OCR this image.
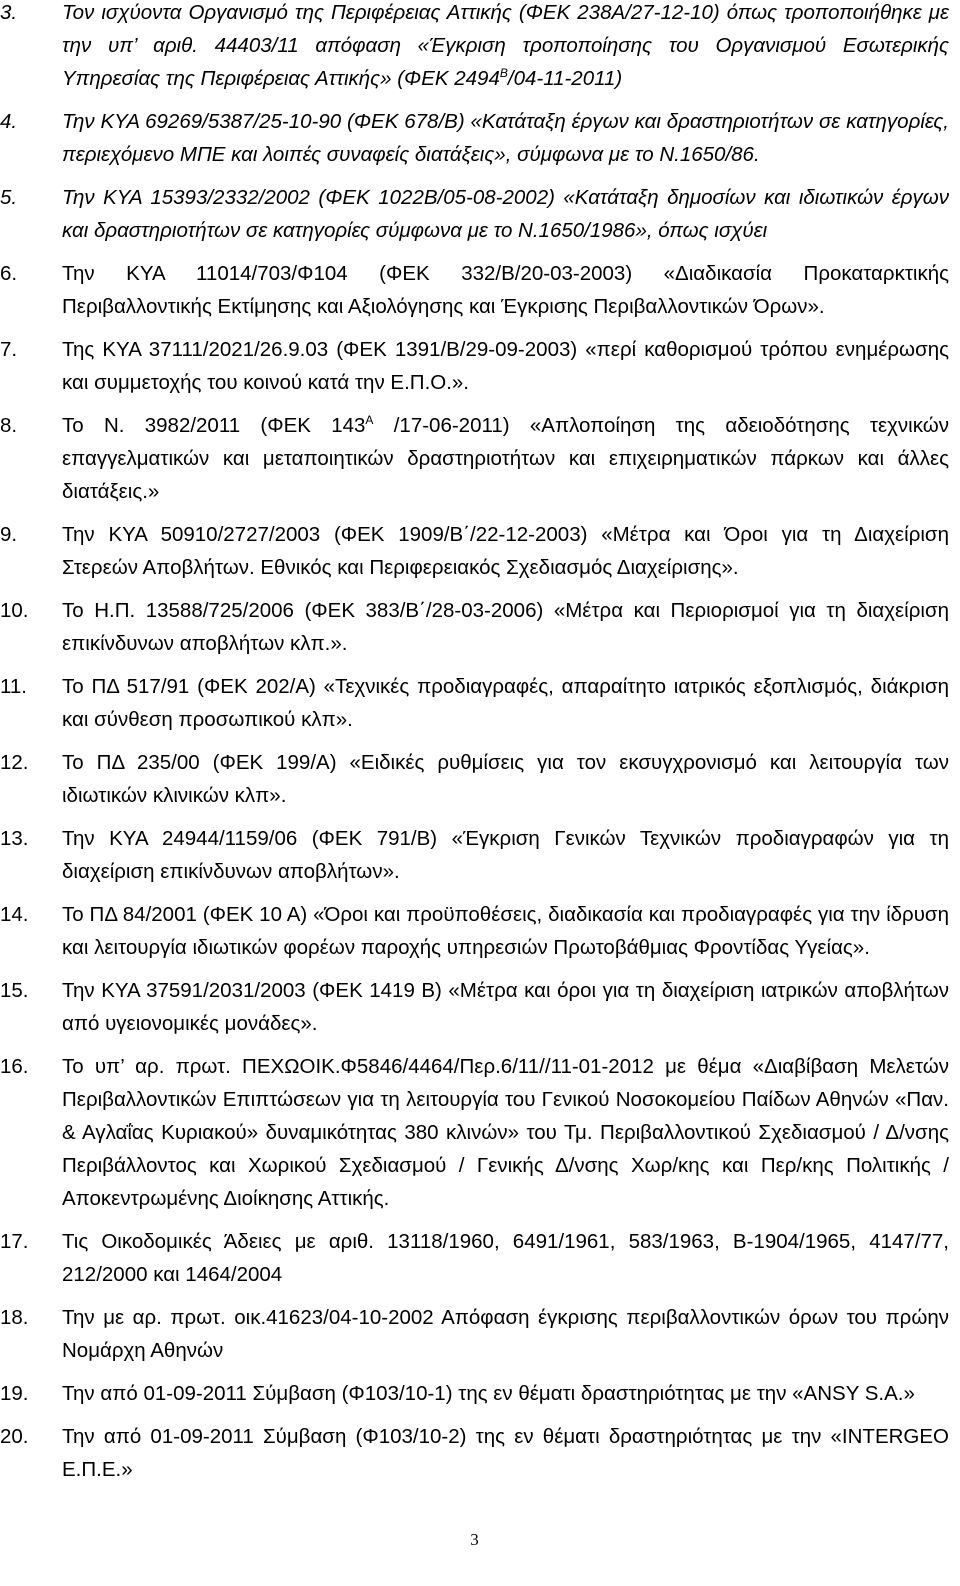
3. Τον ισχύοντα Οργανισμό της Περιφέρειας Αττικής (ΦΕΚ 238Α/27-12-10) όπως τροποποιήθηκε με την υπ’ αριθ. 44403/11 απόφαση «Έγκριση τροποποίησης του Οργανισμού Εσωτερικής Υπηρεσίας της Περιφέρειας Αττικής» (ΦΕΚ $2494^B/04-11-2011$)
4. Την ΚΥΑ 69269/5387/25-10-90 (ΦΕΚ 678/Β) «Κατάταξη έργων και δραστηριοτήτων σε κατηγορίες, περιεχόμενο ΜΠΕ και λοιπές συναφείς διατάξεις», σύμφωνα με το Ν.1650/86.
5. Την ΚΥΑ 15393/2332/2002 (ΦΕΚ 1022Β/05-08-2002) «Κατάταξη δημοσίων και ιδιωτικών έργων και δραστηριοτήτων σε κατηγορίες σύμφωνα με το Ν.1650/1986», όπως ισχύει
6. Την ΚΥΑ 11014/703/Φ104 (ΦΕΚ 332/Β/20-03-2003) «Διαδικασία Προκαταρκτικής Περιβαλλοντικής Εκτίμησης και Αξιολόγησης και Έγκρισης Περιβαλλοντικών Όρων».
7. Της ΚΥΑ 37111/2021/26.9.03 (ΦΕΚ 1391/Β/29-09-2003) «περί καθορισμού τρόπου ενημέρωσης και συμμετοχής του κοινού κατά την Ε.Π.Ο.».
8. Το Ν. 3982/2011 (ΦΕΚ $143^A$ /17-06-2011) «Απλοποίηση της αδειοδότησης τεχνικών επαγγελματικών και μεταποιητικών δραστηριοτήτων και επιχειρηματικών πάρκων και άλλες διατάξεις.»
9. Την ΚΥΑ 50910/2727/2003 (ΦΕΚ 1909/Β΄/22-12-2003) «Μέτρα και Όροι για τη Διαχείριση Στερεών Αποβλήτων. Εθνικός και Περιφερειακός Σχεδιασμός Διαχείρισης».
10. Το Η.Π. 13588/725/2006 (ΦΕΚ 383/Β΄/28-03-2006) «Μέτρα και Περιορισμοί για τη διαχείριση επικίνδυνων αποβλήτων κλπ.».
11. Το ΠΔ 517/91 (ΦΕΚ 202/Α) «Τεχνικές προδιαγραφές, απαραίτητο ιατρικός εξοπλισμός, διάκριση και σύνθεση προσωπικού κλπ».
12. Το ΠΔ 235/00 (ΦΕΚ 199/Α) «Ειδικές ρυθμίσεις για τον εκσυγχρονισμό και λειτουργία των ιδιωτικών κλινικών κλπ».
13. Την ΚΥΑ 24944/1159/06 (ΦΕΚ 791/Β) «Έγκριση Γενικών Τεχνικών προδιαγραφών για τη διαχείριση επικίνδυνων αποβλήτων».
14. Το ΠΔ 84/2001 (ΦΕΚ 10 Α) «Όροι και προϋποθέσεις, διαδικασία και προδιαγραφές για την ίδρυση και λειτουργία ιδιωτικών φορέων παροχής υπηρεσιών Πρωτοβάθμιας Φροντίδας Υγείας».
15. Την ΚΥΑ 37591/2031/2003 (ΦΕΚ 1419 Β) «Μέτρα και όροι για τη διαχείριση ιατρικών αποβλήτων από υγειονομικές μονάδες».
16. Το υπ’ αρ. πρωτ. ΠΕΧΩΟΙΚ.Φ5846/4464/Περ.6/11//11-01-2012 με θέμα «Διαβίβαση Μελετών Περιβαλλοντικών Επιπτώσεων για τη λειτουργία του Γενικού Νοσοκομείου Παίδων Αθηνών «Παν. & Αγλαΐας Κυριακού» δυναμικότητας 380 κλινών» του Τμ. Περιβαλλοντικού Σχεδιασμού / Δ/νσης Περιβάλλοντος και Χωρικού Σχεδιασμού / Γενικής Δ/νσης Χωρ/κης και Περ/κης Πολιτικής / Αποκεντρωμένης Διοίκησης Αττικής.
17. Τις Οικοδομικές Άδειες με αριθ. 13118/1960, 6491/1961, 583/1963, Β-1904/1965, 4147/77, 212/2000 και 1464/2004
18. Την με αρ. πρωτ. οικ.41623/04-10-2002 Απόφαση έγκρισης περιβαλλοντικών όρων του πρώην Νομάρχη Αθηνών
19. Την από 01-09-2011 Σύμβαση (Φ103/10-1) της εν θέματι δραστηριότητας με την «ANSY S.A.»
20. Την από 01-09-2011 Σύμβαση (Φ103/10-2) της εν θέματι δραστηριότητας με την «INTERGEO Ε.Π.Ε.»
3
